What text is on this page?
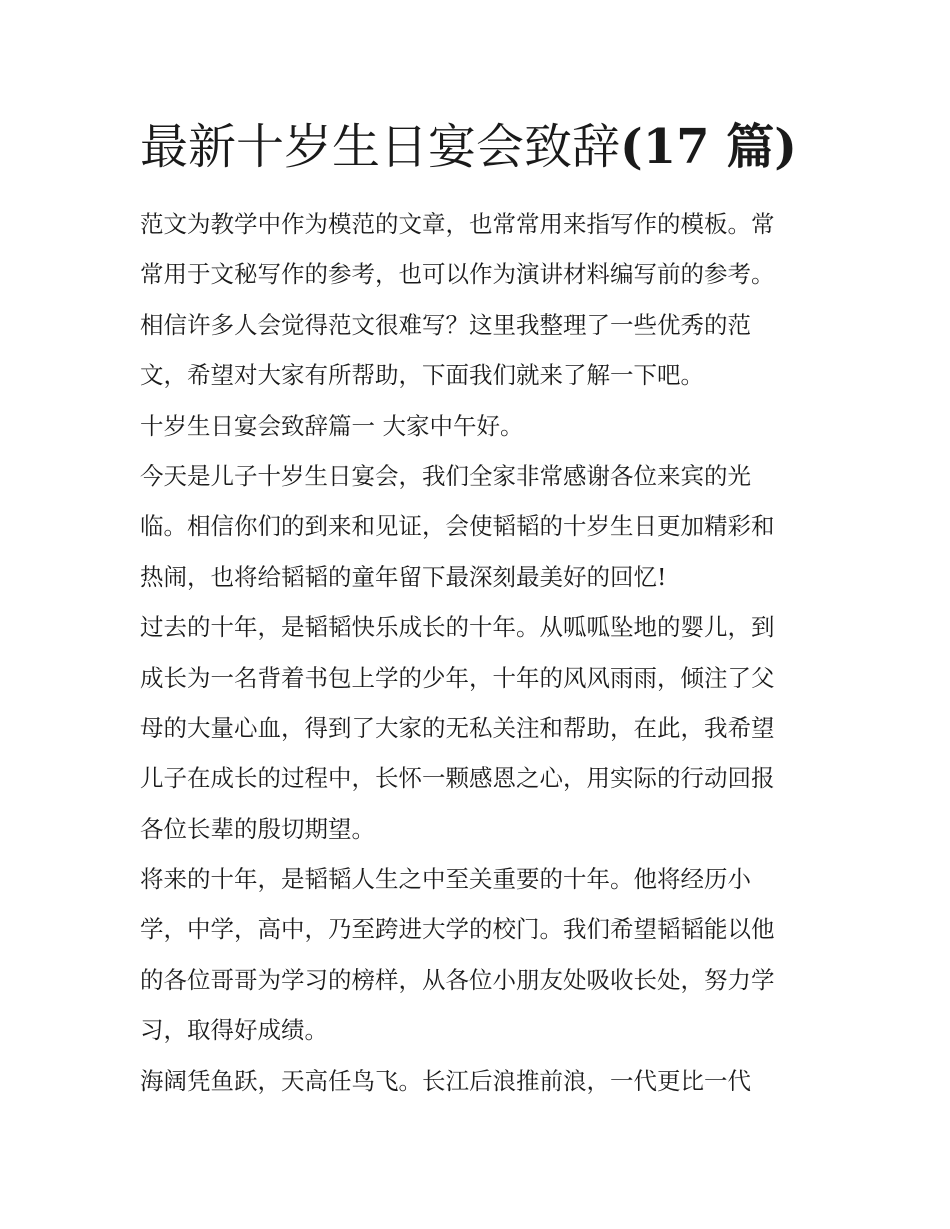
最新十岁生日宴会致辞(17 篇)

范文为教学中作为模范的文章，也常常用来指写作的模板。常

常用于文秘写作的参考，也可以作为演讲材料编写前的参考。

相信许多人会觉得范文很难写？这里我整理了一些优秀的范

文，希望对大家有所帮助，下面我们就来了解一下吧。

十岁生日宴会致辞篇一 大家中午好。

今天是儿子十岁生日宴会，我们全家非常感谢各位来宾的光

临。相信你们的到来和见证，会使韬韬的十岁生日更加精彩和

热闹，也将给韬韬的童年留下最深刻最美好的回忆!

过去的十年，是韬韬快乐成长的十年。从呱呱坠地的婴儿，到

成长为一名背着书包上学的少年，十年的风风雨雨，倾注了父

母的大量心血，得到了大家的无私关注和帮助，在此，我希望

儿子在成长的过程中，长怀一颗感恩之心，用实际的行动回报

各位长辈的殷切期望。

将来的十年，是韬韬人生之中至关重要的十年。他将经历小

学，中学，高中，乃至跨进大学的校门。我们希望韬韬能以他

的各位哥哥为学习的榜样，从各位小朋友处吸收长处，努力学

习，取得好成绩。

海阔凭鱼跃，天高任鸟飞。长江后浪推前浪，一代更比一代
